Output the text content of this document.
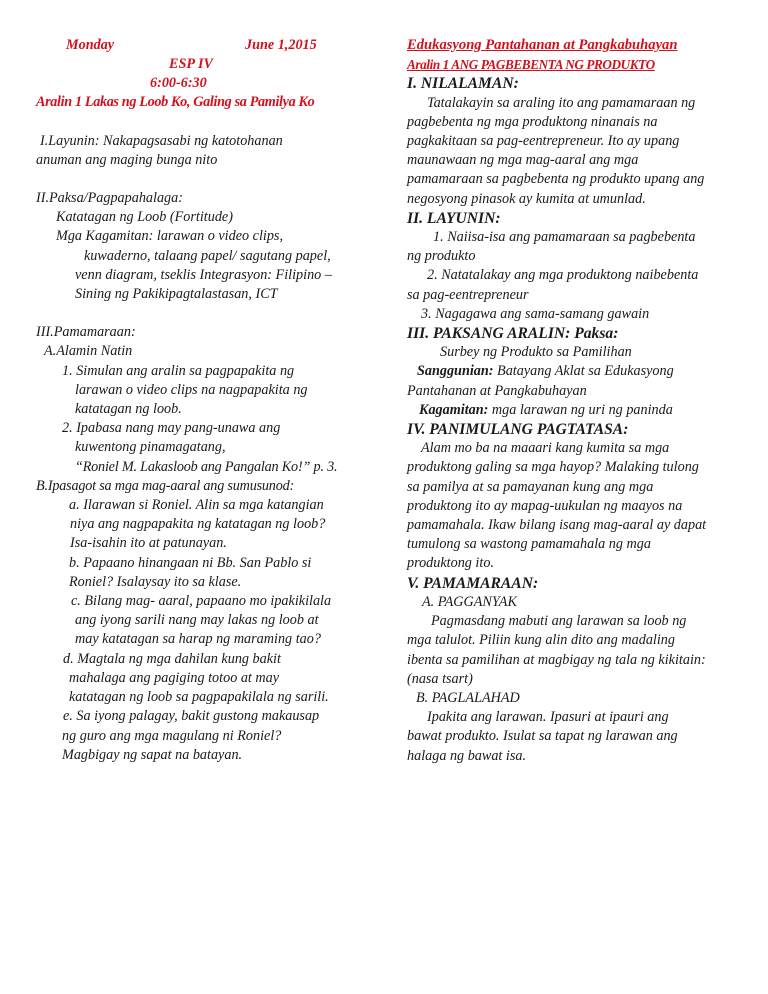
Monday	June 1,2015
ESP IV
6:00-6:30
Aralin 1 Lakas ng Loob Ko, Galing sa Pamilya Ko
I.Layunin: Nakapagsasabi ng katotohanan
anuman ang maging bunga nito
II.Paksa/Pagpapahalaga:
Katatagan ng Loob (Fortitude)
Mga Kagamitan: larawan o video clips,
kuwaderno, talaang papel/ sagutang papel,
venn diagram, tseklis Integrasyon: Filipino –
Sining ng Pakikipagtalastasan, ICT
III.Pamamaraan:
A.Alamin Natin
1. Simulan ang aralin sa pagpapakita ng
larawan o video clips na nagpapakita ng
katatagan ng loob.
2. Ipabasa nang may pang-unawa ang
kuwentong pinamagatang,
“Roniel M. Lakasloob ang Pangalan Ko!” p. 3.
B.Ipasagot sa mga mag-aaral ang sumusunod:
a. Ilarawan si Roniel. Alin sa mga katangian
niya ang nagpapakita ng katatagan ng loob?
Isa-isahin ito at patunayan.
b. Papaano hinangaan ni Bb. San Pablo si
Roniel? Isalaysay ito sa klase.
c. Bilang mag- aaral, papaano mo ipakikilala
ang iyong sarili nang may lakas ng loob at
may katatagan sa harap ng maraming tao?
d. Magtala ng mga dahilan kung bakit
mahalaga ang pagiging totoo at may
katatagan ng loob sa pagpapakilala ng sarili.
e. Sa iyong palagay, bakit gustong makausap
ng guro ang mga magulang ni Roniel?
Magbigay ng sapat na batayan.
Edukasyong Pantahanan at Pangkabuhayan
Aralin 1 ANG PAGBEBENTA NG PRODUKTO
I. NILALAMAN:
Tatalakayin sa araling ito ang pamamaraan ng
pagbebenta ng mga produktong ninanais na
pagkakitaan sa pag-eentrepreneur. Ito ay upang
maunawaan ng mga mag-aaral ang mga
pamamaraan sa pagbebenta ng produkto upang ang
negosyong pinasok ay kumita at umunlad.
II. LAYUNIN:
1. Naiisa-isa ang pamamaraan sa pagbebenta
ng produkto
2. Natatalakay ang mga produktong naibebenta
sa pag-eentrepreneur
3. Nagagawa ang sama-samang gawain
III. PAKSANG ARALIN: Paksa:
Surbey ng Produkto sa Pamilihan
Sanggunian: Batayang Aklat sa Edukasyong
Pantahanan at Pangkabuhayan
Kagamitan: mga larawan ng uri ng paninda
IV. PANIMULANG PAGTATASA:
Alam mo ba na maaari kang kumita sa mga
produktong galing sa mga hayop? Malaking tulong
sa pamilya at sa pamayanan kung ang mga
produktong ito ay mapag-uukulan ng maayos na
pamamahala. Ikaw bilang isang mag-aaral ay dapat
tumulong sa wastong pamamahala ng mga
produktong ito.
V. PAMAMARAAN:
A. PAGGANYAK
Pagmasdang mabuti ang larawan sa loob ng
mga talulot. Piliin kung alin dito ang madaling
ibenta sa pamilihan at magbigay ng tala ng kikitain:
(nasa tsart)
B. PAGLALAHAD
Ipakita ang larawan. Ipasuri at ipauri ang
bawat produkto. Isulat sa tapat ng larawan ang
halaga ng bawat isa.
